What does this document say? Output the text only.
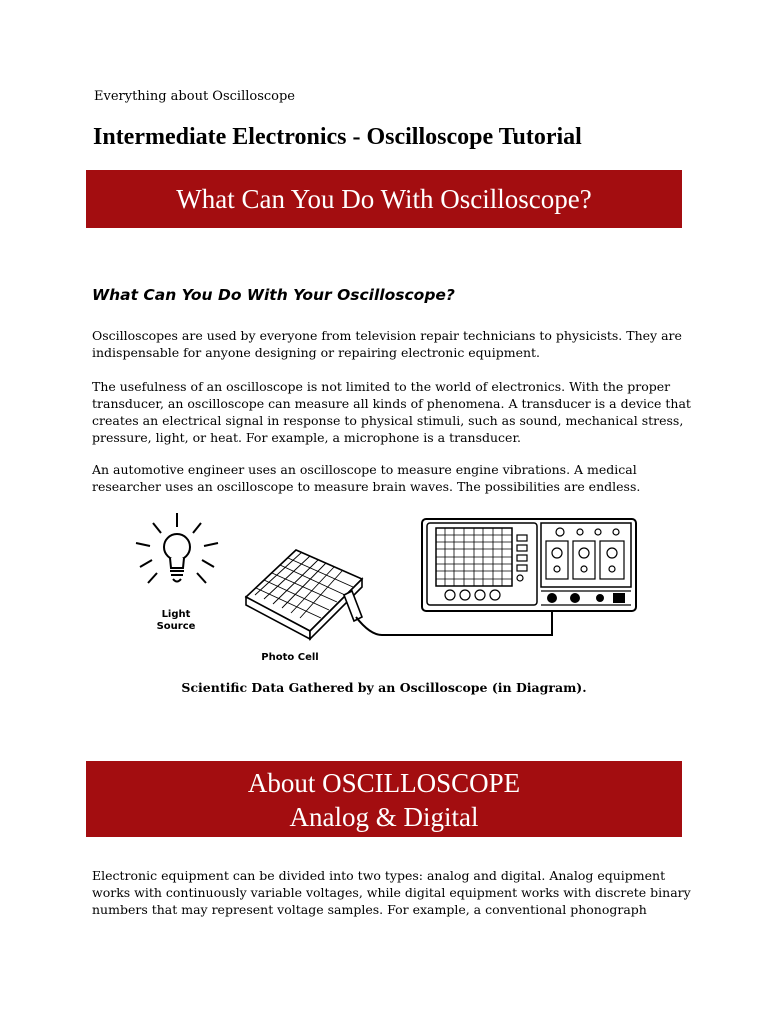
Everything about Oscilloscope
Intermediate Electronics - Oscilloscope Tutorial
What Can You Do With Oscilloscope?
What Can You Do With Your Oscilloscope?

Oscilloscopes are used by everyone from television repair technicians to physicists. They are
indispensable for anyone designing or repairing electronic equipment.

The usefulness of an oscilloscope is not limited to the world of electronics. With the proper
transducer, an oscilloscope can measure all kinds of phenomena. A transducer is a device that
creates an electrical signal in response to physical stimuli, such as sound, mechanical stress,
pressure, light, or heat. For example, a microphone is a transducer.

An automotive engineer uses an oscilloscope to measure engine vibrations. A medical
researcher uses an oscilloscope to measure brain waves. The possibilities are endless.

Light
Source
Photo Cell
Scientific Data Gathered by an Oscilloscope (in Diagram).
About OSCILLOSCOPE
Analog & Digital

Electronic equipment can be divided into two types: analog and digital. Analog equipment
works with continuously variable voltages, while digital equipment works with discrete binary
numbers that may represent voltage samples. For example, a conventional phonograph
